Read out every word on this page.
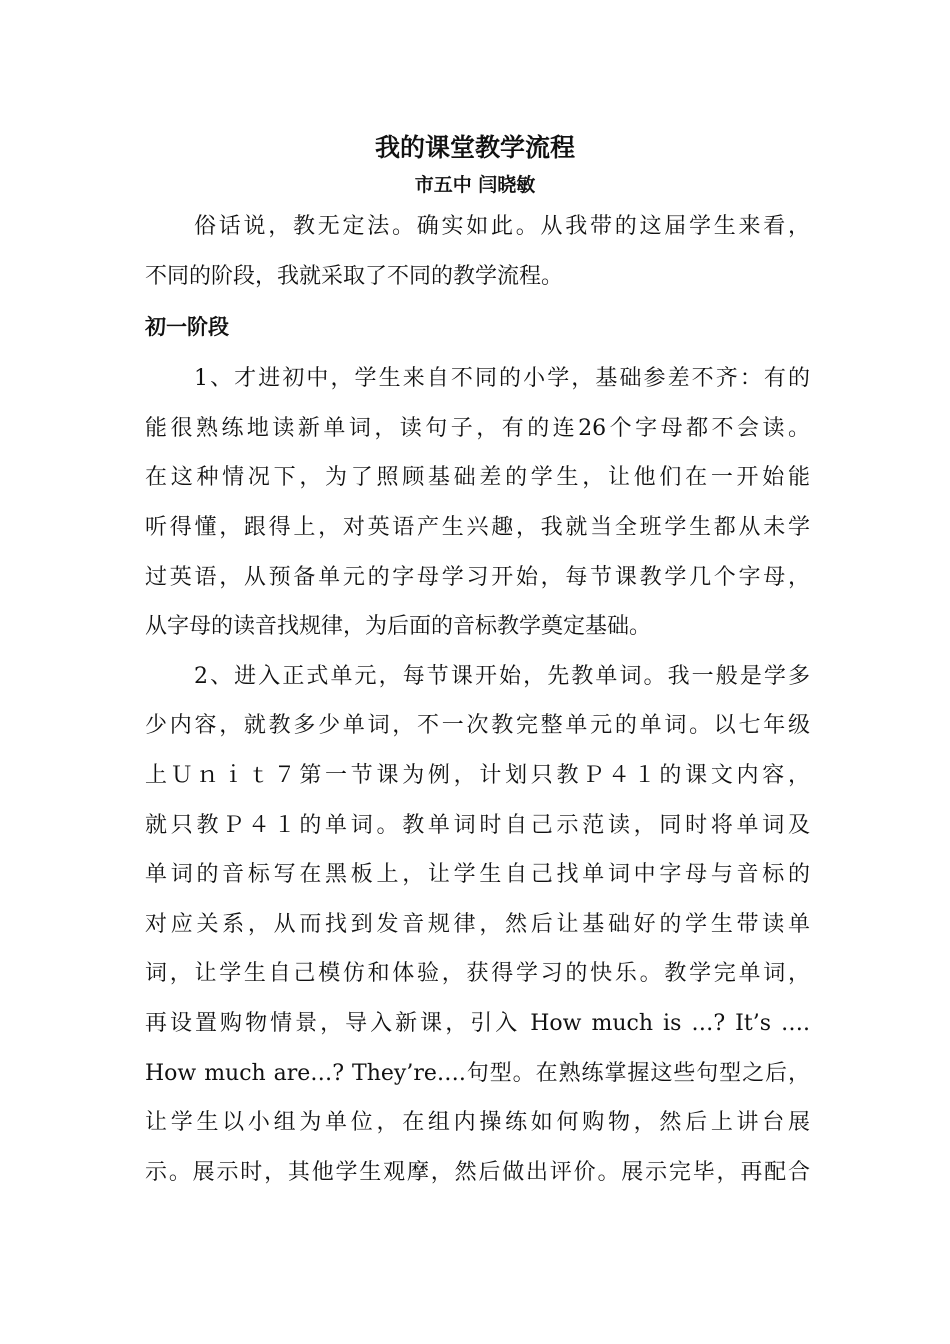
我的课堂教学流程
市五中 闫晓敏
俗话说，教无定法。确实如此。从我带的这届学生来看，
不同的阶段，我就采取了不同的教学流程。
初一阶段
1、才进初中，学生来自不同的小学，基础参差不齐：有的
能很熟练地读新单词，读句子，有的连26个字母都不会读。
在这种情况下，为了照顾基础差的学生，让他们在一开始能
听得懂，跟得上，对英语产生兴趣，我就当全班学生都从未学
过英语，从预备单元的字母学习开始，每节课教学几个字母，
从字母的读音找规律，为后面的音标教学奠定基础。
2、进入正式单元，每节课开始，先教单词。我一般是学多
少内容，就教多少单词，不一次教完整单元的单词。以七年级
上Ｕｎｉｔ７第一节课为例，计划只教Ｐ４１的课文内容，
就只教Ｐ４１的单词。教单词时自己示范读，同时将单词及
单词的音标写在黑板上，让学生自己找单词中字母与音标的
对应关系，从而找到发音规律，然后让基础好的学生带读单
词，让学生自己模仿和体验，获得学习的快乐。教学完单词，
再设置购物情景，导入新课，引入 How much is …? It’s ….
How much are…? They’re….句型。在熟练掌握这些句型之后，
让学生以小组为单位，在组内操练如何购物，然后上讲台展
示。展示时，其他学生观摩，然后做出评价。展示完毕，再配合
